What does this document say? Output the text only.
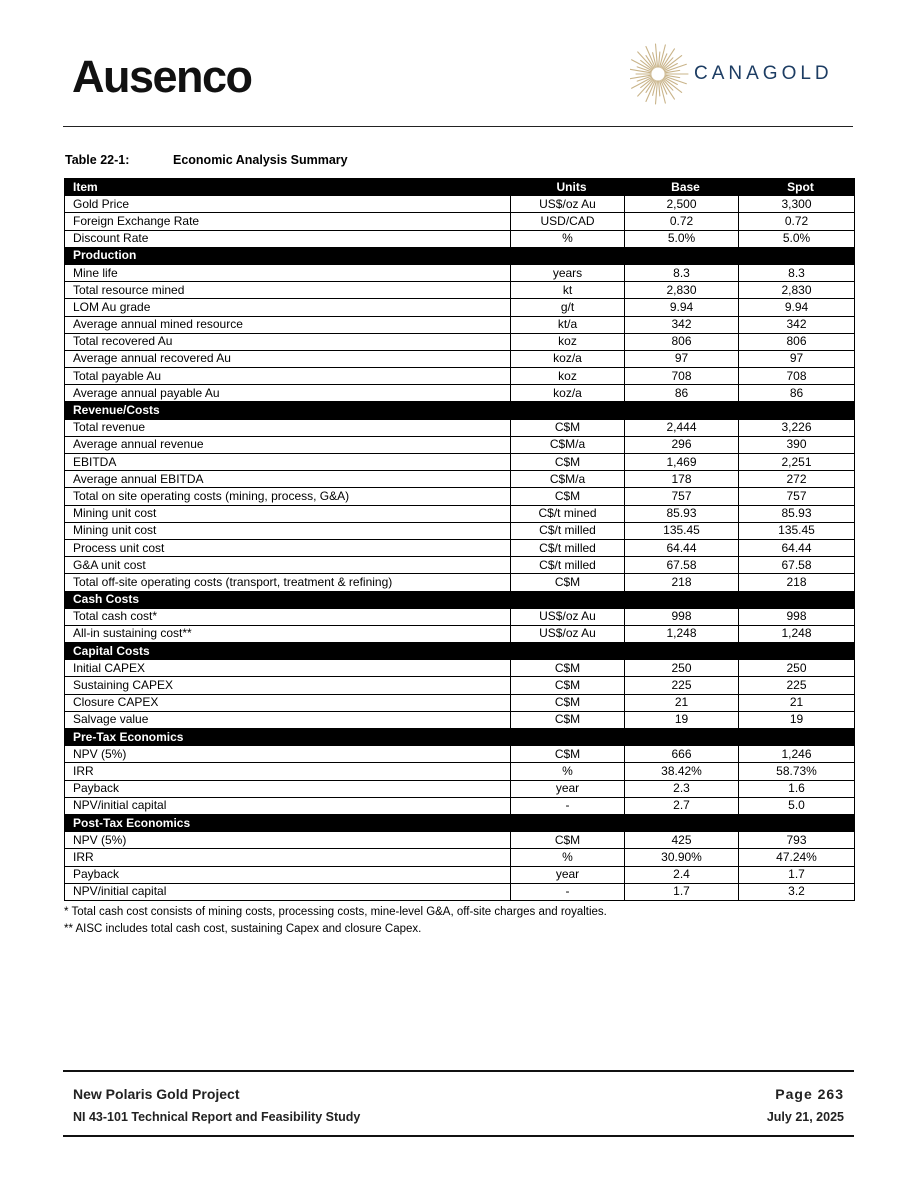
Ausenco	CANAGOLD
Table 22-1:	Economic Analysis Summary
Item	Units	Base	Spot
Gold Price	US$/oz Au	2,500	3,300
Foreign Exchange Rate	USD/CAD	0.72	0.72
Discount Rate	%	5.0%	5.0%
Production			
Mine life	years	8.3	8.3
Total resource mined	kt	2,830	2,830
LOM Au grade	g/t	9.94	9.94
Average annual mined resource	kt/a	342	342
Total recovered Au	koz	806	806
Average annual recovered Au	koz/a	97	97
Total payable Au	koz	708	708
Average annual payable Au	koz/a	86	86
Revenue/Costs			
Total revenue	C$M	2,444	3,226
Average annual revenue	C$M/a	296	390
EBITDA	C$M	1,469	2,251
Average annual EBITDA	C$M/a	178	272
Total on site operating costs (mining, process, G&A)	C$M	757	757
Mining unit cost	C$/t mined	85.93	85.93
Mining unit cost	C$/t milled	135.45	135.45
Process unit cost	C$/t milled	64.44	64.44
G&A unit cost	C$/t milled	67.58	67.58
Total off-site operating costs (transport, treatment & refining)	C$M	218	218
Cash Costs			
Total cash cost*	US$/oz Au	998	998
All-in sustaining cost**	US$/oz Au	1,248	1,248
Capital Costs			
Initial CAPEX	C$M	250	250
Sustaining CAPEX	C$M	225	225
Closure CAPEX	C$M	21	21
Salvage value	C$M	19	19
Pre-Tax Economics			
NPV (5%)	C$M	666	1,246
IRR	%	38.42%	58.73%
Payback	year	2.3	1.6
NPV/initial capital	-	2.7	5.0
Post-Tax Economics			
NPV (5%)	C$M	425	793
IRR	%	30.90%	47.24%
Payback	year	2.4	1.7
NPV/initial capital	-	1.7	3.2
* Total cash cost consists of mining costs, processing costs, mine-level G&A, off-site charges and royalties.
** AISC includes total cash cost, sustaining Capex and closure Capex.
New Polaris Gold Project
NI 43-101 Technical Report and Feasibility Study
Page 263
July 21, 2025
